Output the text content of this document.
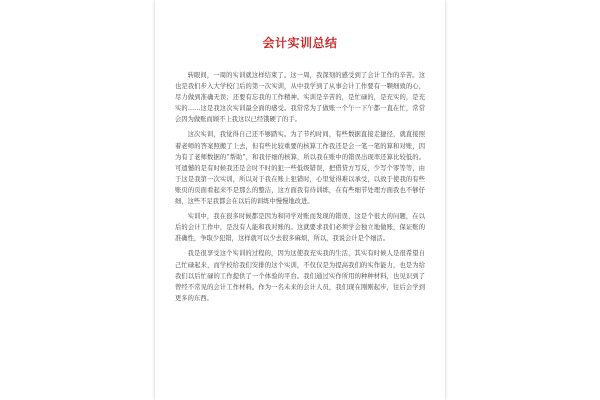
会计实训总结

转眼间，一周的实训就这样结束了。这一周，我深刻的感受到了会计工作的辛苦。这也是我们步入大学校门后的第一次实训，从中我学到了从事会计工作要有一颗细致的心，尽力做到准确无误；还要有忘我的工作精神。实训是辛苦的，是忙碌的，是充实的，是充实的……这是我这次实训最全面的感受。我常常为了做账一个午一下午都一直在忙，常常会因为做账而顾不上我这以已经饿硬了的手。

这次实训，我觉得自己还不够踏实。为了节约时间，有些数据直接走捷径，就直接照着老师的答案照搬了上去，但有些比较重要的核算工作我还是会一笔一笔的算和对账，因为有了老师数据的“帮助”，和我仔细的核算，所以我在账中的错误出现率还算比较低的。可遗憾的是有时候我还是会时不时的犯一些低级错误，把借贷方写反，少写个零等等，由于这是我第一次实训，所以对于我在账上犯错时，心里觉得难以承受，以致于使我的有些账页的页面看起来不是那么的整洁，这方面我有待训练，在有些细节处理方面我也不够仔细，这些不足我都会在以后的训练中慢慢地改进。

实训中，我在很多时候都是因为和同学对账而发现的错误，这是个很大的问题，在以后的会计工作中，是没有人能和我对账的。这就要求我们必须学会独立地做账，保证账的准确性，争取少犯错，这样就可以少去很多麻烦，所以，我说会计是个细活。

我是很享受这个实训的过程的，因为这使我充实我的生活，其实有时候人是很希望自己忙碌起来，而学校给我们安排的这个实训，不仅仅是为提高我们的实作能力，也是为给我们以后忙碌的工作提供了一个体验的平台。我们通过实作所用的种种材料，也见识到了曾经不常见的会计工作材料。作为一名未来的会计人员，我们现在刚刚起步，往后会学到更多的东西。
